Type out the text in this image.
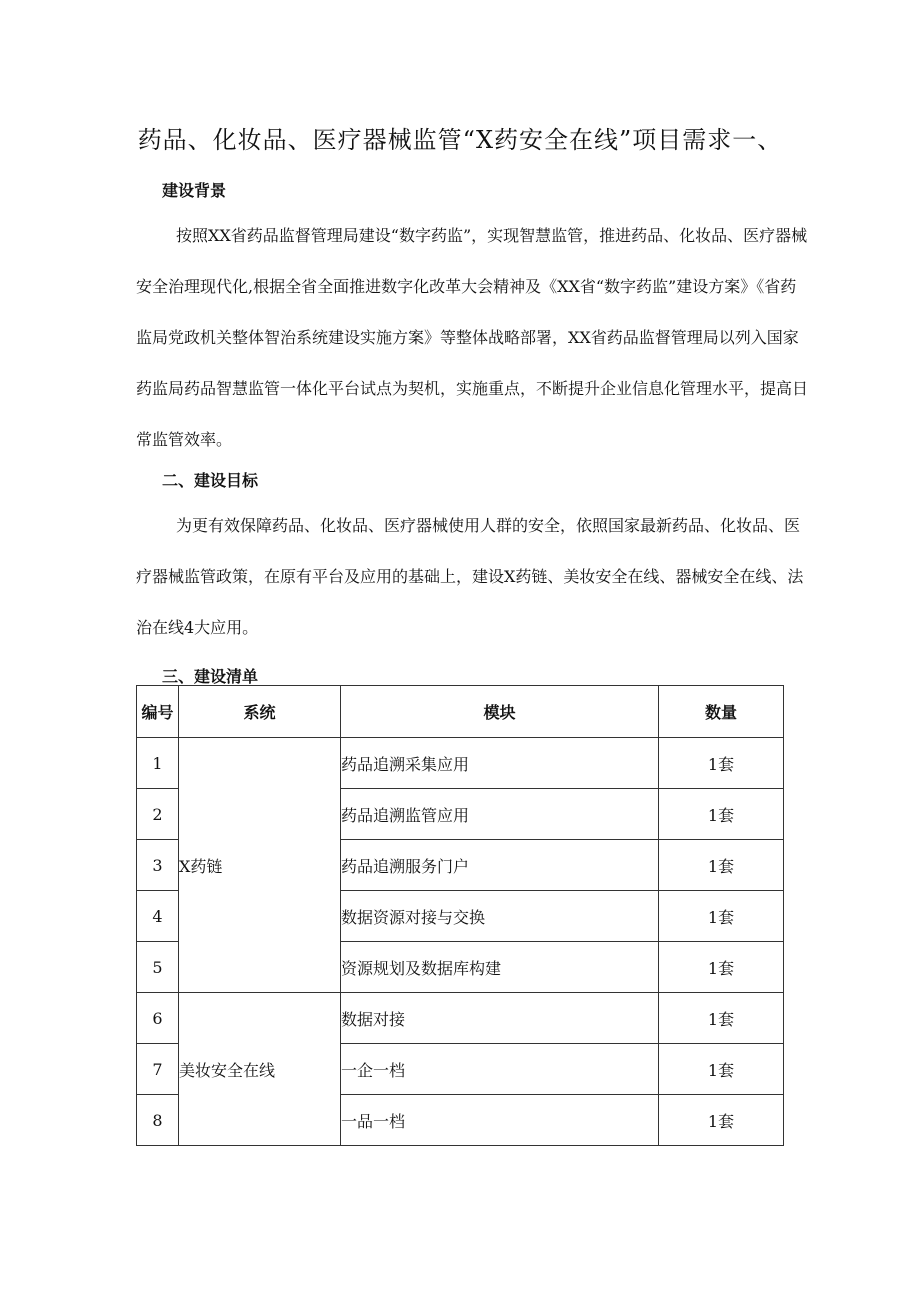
药品、化妆品、医疗器械监管“X药安全在线”项目需求一、
建设背景

按照XX省药品监督管理局建设“数字药监”，实现智慧监管，推进药品、化妆品、医疗器械安全治理现代化,根据全省全面推进数字化改革大会精神及《XX省“数字药监”建设方案》《省药监局党政机关整体智治系统建设实施方案》等整体战略部署，XX省药品监督管理局以列入国家药监局药品智慧监管一体化平台试点为契机，实施重点，不断提升企业信息化管理水平，提高日常监管效率。

二、建设目标

为更有效保障药品、化妆品、医疗器械使用人群的安全，依照国家最新药品、化妆品、医疗器械监管政策，在原有平台及应用的基础上，建设X药链、美妆安全在线、器械安全在线、法治在线4大应用。

三、建设清单
编号	系统	模块	数量
1	X药链	药品追溯采集应用	1套
2		药品追溯监管应用	1套
3		药品追溯服务门户	1套
4		数据资源对接与交换	1套
5		资源规划及数据库构建	1套
6	美妆安全在线	数据对接	1套
7		一企一档	1套
8		一品一档	1套
